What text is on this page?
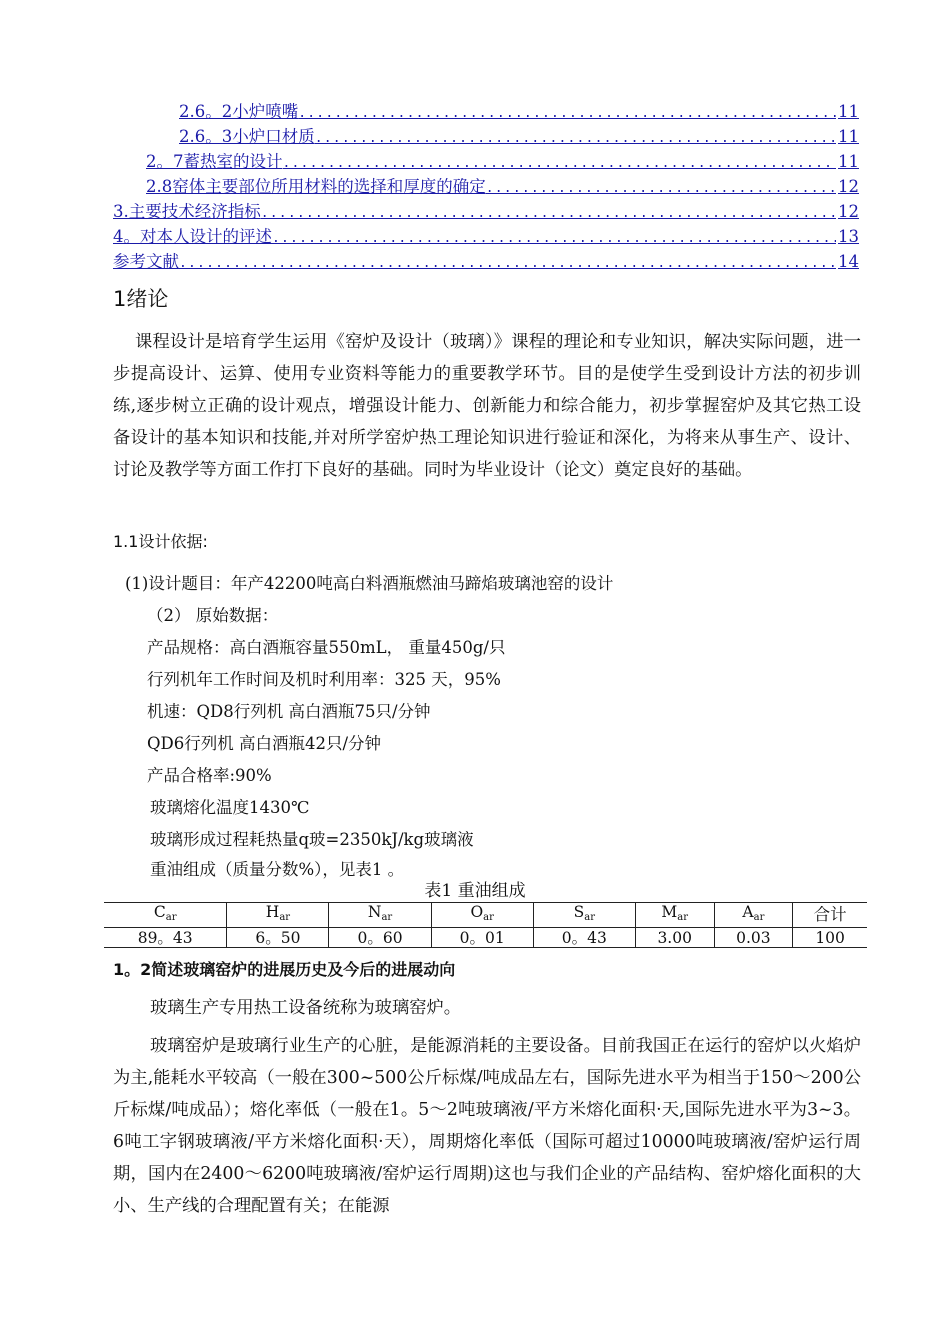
2.6。2小炉喷嘴 .....	11
2.6。3小炉口材质 .....	11
2。7蓄热室的设计 .....	11
2.8窑体主要部位所用材料的选择和厚度的确定 .....	12
3.主要技术经济指标 .....	12
4。对本人设计的评述 .....	13
参考文献 .....	14
1绪论

课程设计是培育学生运用《窑炉及设计（玻璃）》课程的理论和专业知识，解决实际问题，进一步提高设计、运算、使用专业资料等能力的重要教学环节。目的是使学生受到设计方法的初步训练,逐步树立正确的设计观点，增强设计能力、创新能力和综合能力，初步掌握窑炉及其它热工设备设计的基本知识和技能,并对所学窑炉热工理论知识进行验证和深化，为将来从事生产、设计、讨论及教学等方面工作打下良好的基础。同时为毕业设计（论文）奠定良好的基础。

1.1设计依据:

(1)设计题目：年产42200吨高白料酒瓶燃油马蹄焰玻璃池窑的设计

（2） 原始数据：

产品规格：高白酒瓶容量550mL， 重量450g/只

行列机年工作时间及机时利用率：325 天，95%

机速：QD8行列机 高白酒瓶75只/分钟

QD6行列机 高白酒瓶42只/分钟

产品合格率:90%

玻璃熔化温度1430℃

玻璃形成过程耗热量q玻=2350kJ/kg玻璃液

重油组成（质量分数%），见表1 。

表1 重油组成

$C_{ar}$	$H_{ar}$	$N_{ar}$	$O_{ar}$	$S_{ar}$	$M_{ar}$	$A_{ar}$	合计
89。43	6。50	0。60	0。01	0。43	3.00	0.03	100
1。2简述玻璃窑炉的进展历史及今后的进展动向

玻璃生产专用热工设备统称为玻璃窑炉。

玻璃窑炉是玻璃行业生产的心脏，是能源消耗的主要设备。目前我国正在运行的窑炉以火焰炉为主,能耗水平较高（一般在300~500公斤标煤/吨成品左右，国际先进水平为相当于150～200公斤标煤/吨成品）；熔化率低（一般在1。5～2吨玻璃液/平方米熔化面积·天,国际先进水平为3~3。6吨工字钢玻璃液/平方米熔化面积·天），周期熔化率低（国际可超过10000吨玻璃液/窑炉运行周期，国内在2400～6200吨玻璃液/窑炉运行周期)这也与我们企业的产品结构、窑炉熔化面积的大小、生产线的合理配置有关；在能源
